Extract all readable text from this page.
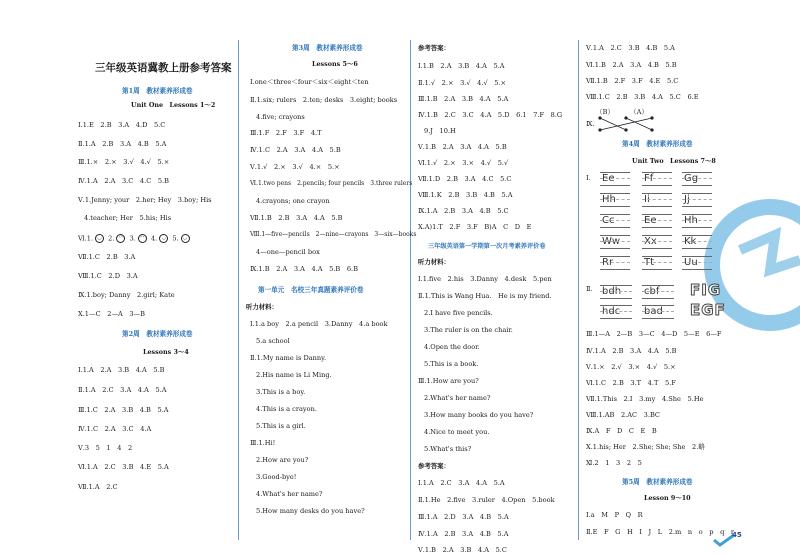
三年级英语冀教上册参考答案
第1周　教材素养形成卷
Unit One　Lessons 1～2
Ⅰ.1.E　2.B　3.A　4.D　5.C
Ⅱ.1.A　2.B　3.A　4.B　5.A
Ⅲ.1.×　2.×　3.√　4.√　5.×
Ⅳ.1.A　2.A　3.C　4.C　5.B
Ⅴ.1.Jenny; your　2.her; Hey　3.boy; His
4.teacher; Her　5.his; His
Ⅵ.1. ◡ 2. ◠ 3. ◠ 4. ◡ 5. ◡
Ⅶ.1.C　2.B　3.A
Ⅷ.1.C　2.D　3.A
Ⅸ.1.boy; Danny　2.girl; Kate
Ⅹ.1—C　2—A　3—B
第2周　教材素养形成卷
Lessons 3～4
Ⅰ.1.A　2.A　3.B　4.A　5.B
Ⅱ.1.A　2.C　3.A　4.A　5.A
Ⅲ.1.C　2.A　3.B　4.B　5.A
Ⅳ.1.C　2.A　3.C　4.A
Ⅴ.3　5　1　4　2
Ⅵ.1.A　2.C　3.B　4.E　5.A
Ⅶ.1.A　2.C
第3周　教材素养形成卷
Lessons 5～6
Ⅰ.one＜three＜four＜six＜eight＜ten
Ⅱ.1.six; rulers　2.ten; desks　3.eight; books
4.five; crayons
Ⅲ.1.F　2.F　3.F　4.T
Ⅳ.1.C　2.A　3.A　4.A　5.B
Ⅴ.1.√　2.×　3.√　4.×　5.×
Ⅵ.1.two pens　2.pencils; four pencils　3.three rulers
4.crayons; one crayon
Ⅶ.1.B　2.B　3.A　4.A　5.B
Ⅷ.1—five—pencils　2—nine—crayons　3—six—books
4—one—pencil box
Ⅸ.1.B　2.A　3.A　4.A　5.B　6.B
第一单元　名校三年真题素养评价卷
听力材料：
Ⅰ.1.a boy　2.a pencil　3.Danny　4.a book
5.a school
Ⅱ.1.My name is Danny.
2.His name is Li Ming.
3.This is a boy.
4.This is a crayon.
5.This is a girl.
Ⅲ.1.Hi!
2.How are you?
3.Good-bye!
4.What's her name?
5.How many desks do you have?
参考答案：
Ⅰ.1.B　2.A　3.B　4.A　5.A
Ⅱ.1.√　2.×　3.√　4.√　5.×
Ⅲ.1.B　2.A　3.B　4.A　5.A
Ⅳ.1.B　2.C　3.C　4.A　5.D　6.1　7.F　8.G
9.J　10.H
Ⅴ.1.B　2.A　3.A　4.A　5.B
Ⅵ.1.√　2.×　3.×　4.√　5.√
Ⅶ.1.D　2.B　3.A　4.C　5.C
Ⅷ.1.K　2.B　3.B　4.B　5.A
Ⅸ.1.A　2.B　3.A　4.B　5.C
Ⅹ.A)1.T　2.F　3.F　B)A　C　D　E
三年级英语第一学期第一次月考素养评价卷
听力材料：
Ⅰ.1.five　2.his　3.Danny　4.desk　5.pen
Ⅱ.1.This is Wang Hua.　He is my friend.
2.I have five pencils.
3.The ruler is on the chair.
4.Open the door.
5.This is a book.
Ⅲ.1.How are you?
2.What's her name?
3.How many books do you have?
4.Nice to meet you.
5.What's this?
参考答案：
Ⅰ.1.A　2.C　3.A　4.A　5.A
Ⅱ.1.He　2.five　3.ruler　4.Open　5.book
Ⅲ.1.A　2.D　3.A　4.B　5.A
Ⅳ.1.A　2.B　3.A　4.B　5.A
Ⅴ.1.B　2.A　3.B　4.A　5.C
Ⅴ.1.A　2.C　3.B　4.B　5.A
Ⅵ.1.B　2.A　3.A　4.B　5.B
Ⅶ.1.B　2.F　3.F　4.E　5.C
Ⅷ.1.C　2.B　3.B　4.A　5.C　6.E
Ⅸ.
（B） （A）
第4周　教材素养形成卷
Unit Two　Lessons 7～8
Ⅰ. Ee	Ff	Gg
Hh	Ii	Jj
Cc	Ee	Hh
Ww	Xx	Kk
Rr	Tt	Uu
Ⅱ. bdh	cbf	FIG
hdc	bad	EGF
Ⅲ.1—A　2—B　3—C　4—D　5—E　6—F
Ⅳ.1.A　2.B　3.A　4.A　5.B
Ⅴ.1.×　2.√　3.×　4.√　5.×
Ⅵ.1.C　2.B　3.T　4.T　5.F
Ⅶ.1.This　2.I　3.my　4.She　5.He
Ⅷ.1.AB　2.AC　3.BC
Ⅸ.A　F　D　C　E　B
Ⅹ.1.his; Her　2.She; She; She　2.略
Ⅺ.2　1　3　2　5
第5周　教材素养形成卷
Lesson 9～10
Ⅰ.a　M　P　Q　R
Ⅱ.E　F　G　H　I　J　L　2.m　n　o　p　q　r
45
